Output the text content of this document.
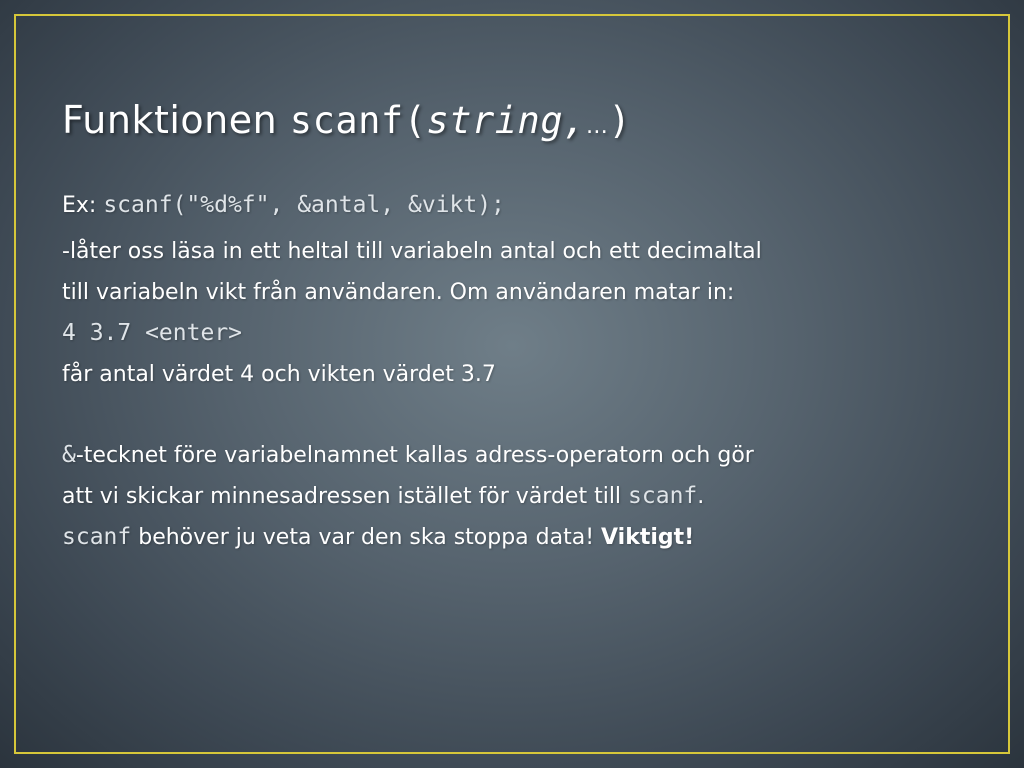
Funktionen scanf(string,…)
Ex: scanf("%d%f", &antal, &vikt);
-låter oss läsa in ett heltal till variabeln antal och ett decimaltal
till variabeln vikt från användaren. Om användaren matar in:
4 3.7 <enter>
får antal värdet 4 och vikten värdet 3.7
&-tecknet före variabelnamnet kallas adress-operatorn och gör
att vi skickar minnesadressen istället för värdet till scanf.
scanf behöver ju veta var den ska stoppa data! Viktigt!
